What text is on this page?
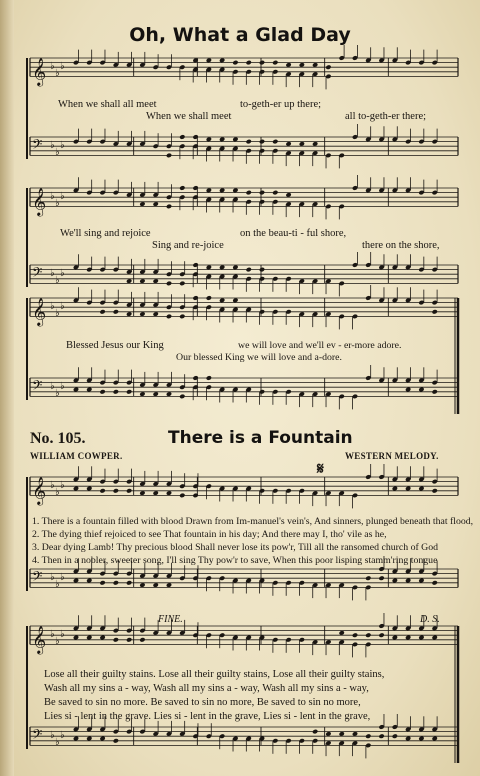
𝄞 ♭
♭
♭
𝄢 ♭
♭
♭
𝄞 ♭
♭
♭
𝄢 ♭
♭
♭
𝄞 ♭
♭
♭
𝄢 ♭
♭
♭
𝄞 ♭
♭
♭
𝄢 ♭
♭
♭
𝄞 ♭
♭
♭
𝄢 ♭
♭
♭
Oh, What a Glad Day
When we shall all meet	to-geth-er up there;
When we shall meet	all to-geth-er there;
We'll sing and rejoice	on the beau-ti - ful shore,
Sing and re-joice	there on the shore,
Blessed Jesus our King	we will love and we'll ev - er-more adore.
Our blessed King we will love and a-dore.
No. 105.	There is a Fountain
WILLIAM COWPER.	WESTERN MELODY.
𝄋
1. There is a fountain filled with blood Drawn from Im-manuel's vein's, And sinners, plunged beneath that flood,
2. The dying thief rejoiced to see That fountain in his day; And there may I, tho' vile as he,
3. Dear dying Lamb! Thy precious blood Shall never lose its pow'r, Till all the ransomed church of God
4. Then in a nobler, sweeter song, I'll sing Thy pow'r to save, When this poor lisping stamm'ring tongue
FINE.	D. S.
Lose all their guilty stains. Lose all their guilty stains, Lose all their guilty stains,
Wash all my sins a - way, Wash all my sins a - way, Wash all my sins a - way,
Be saved to sin no more. Be saved to sin no more, Be saved to sin no more,
Lies si - lent in the grave. Lies si - lent in the grave, Lies si - lent in the grave,
